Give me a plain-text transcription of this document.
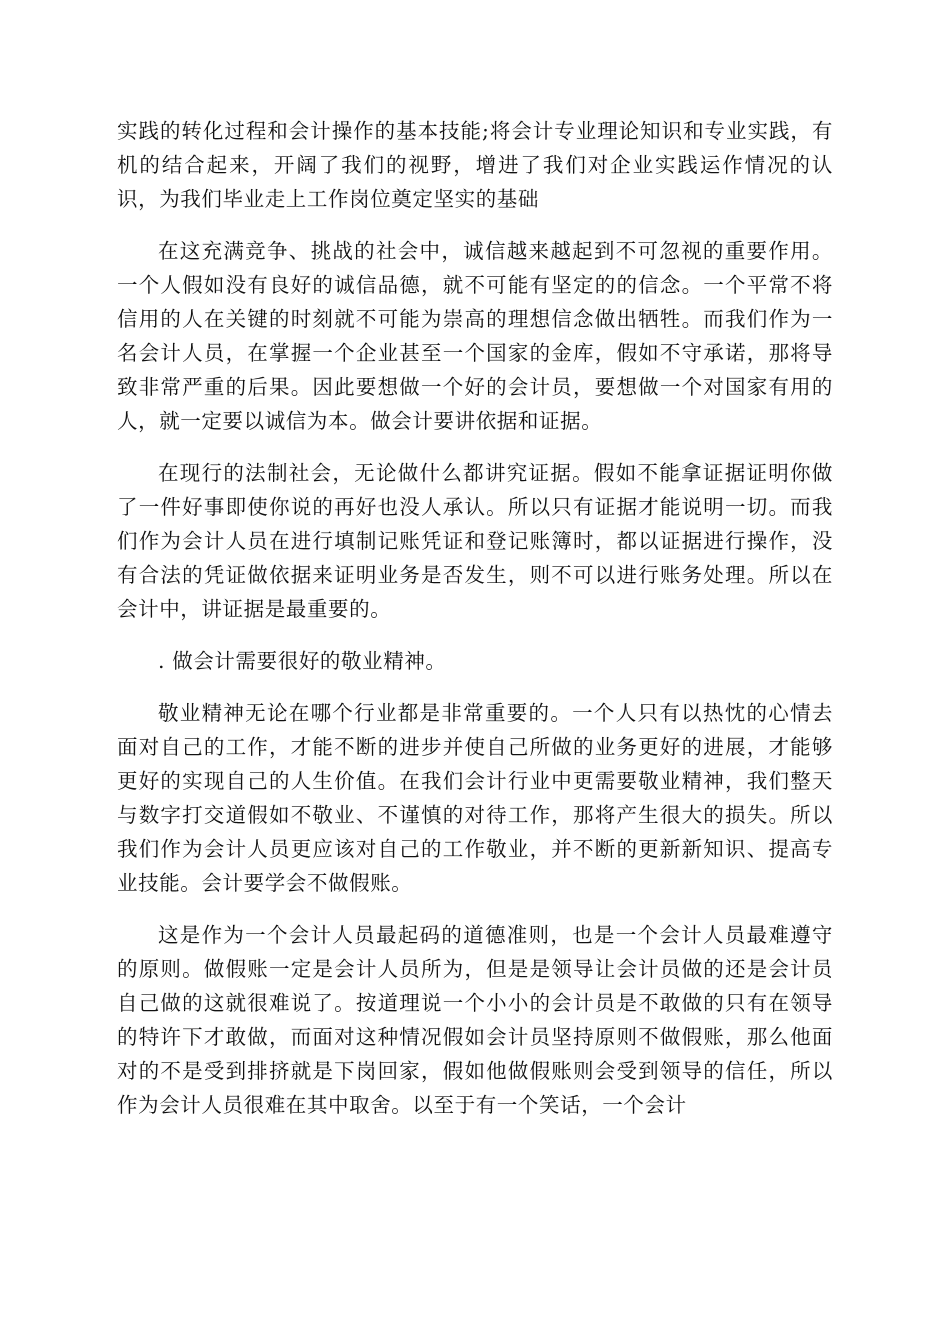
实践的转化过程和会计操作的基本技能;将会计专业理论知识和专业实践，有机的结合起来，开阔了我们的视野，增进了我们对企业实践运作情况的认识，为我们毕业走上工作岗位奠定坚实的基础

在这充满竞争、挑战的社会中，诚信越来越起到不可忽视的重要作用。一个人假如没有良好的诚信品德，就不可能有坚定的的信念。一个平常不将信用的人在关键的时刻就不可能为崇高的理想信念做出牺牲。而我们作为一名会计人员，在掌握一个企业甚至一个国家的金库，假如不守承诺，那将导致非常严重的后果。因此要想做一个好的会计员，要想做一个对国家有用的人，就一定要以诚信为本。做会计要讲依据和证据。

在现行的法制社会，无论做什么都讲究证据。假如不能拿证据证明你做了一件好事即使你说的再好也没人承认。所以只有证据才能说明一切。而我们作为会计人员在进行填制记账凭证和登记账簿时，都以证据进行操作，没有合法的凭证做依据来证明业务是否发生，则不可以进行账务处理。所以在会计中，讲证据是最重要的。

. 做会计需要很好的敬业精神。

敬业精神无论在哪个行业都是非常重要的。一个人只有以热忱的心情去面对自己的工作，才能不断的进步并使自己所做的业务更好的进展，才能够更好的实现自己的人生价值。在我们会计行业中更需要敬业精神，我们整天与数字打交道假如不敬业、不谨慎的对待工作，那将产生很大的损失。所以我们作为会计人员更应该对自己的工作敬业，并不断的更新新知识、提高专业技能。会计要学会不做假账。

这是作为一个会计人员最起码的道德准则，也是一个会计人员最难遵守的原则。做假账一定是会计人员所为，但是是领导让会计员做的还是会计员自己做的这就很难说了。按道理说一个小小的会计员是不敢做的只有在领导的特许下才敢做，而面对这种情况假如会计员坚持原则不做假账，那么他面对的不是受到排挤就是下岗回家，假如他做假账则会受到领导的信任，所以作为会计人员很难在其中取舍。以至于有一个笑话，一个会计
